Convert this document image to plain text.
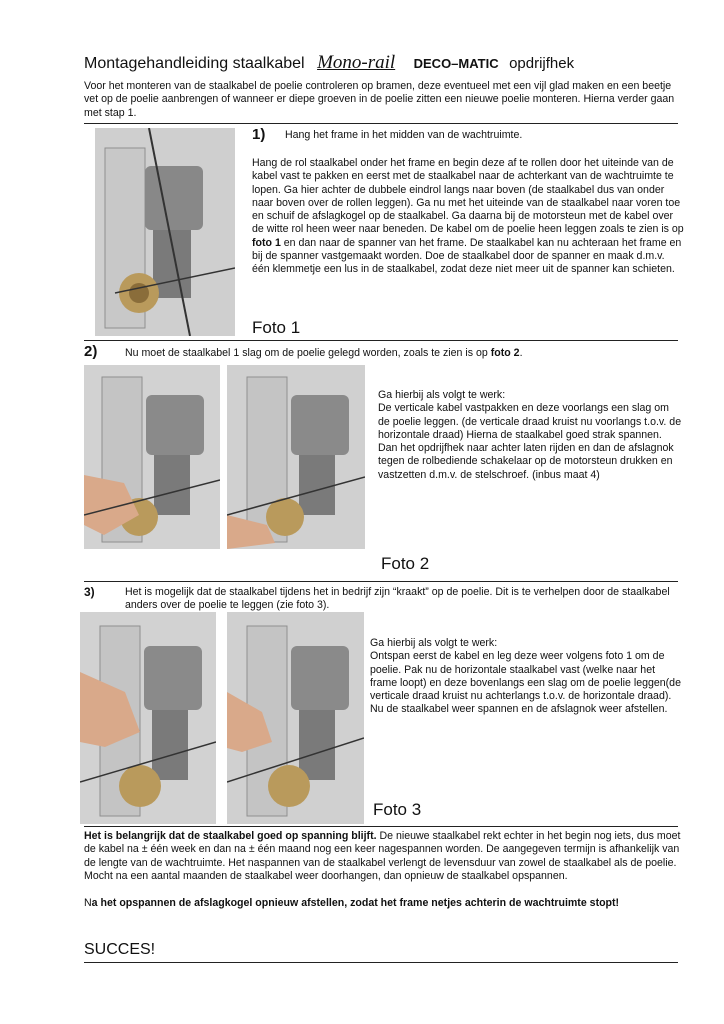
Montagehandleiding staalkabel Mono-rail DECO–MATIC opdrijfhek
Voor het monteren van de staalkabel de poelie controleren op bramen, deze eventueel met een vijl glad maken en een beetje vet op de poelie aanbrengen of wanneer er diepe groeven in de poelie zitten een nieuwe poelie monteren. Hierna verder gaan met stap 1.
1) Hang het frame in het midden van de wachtruimte.
Hang de rol staalkabel onder het frame en begin deze af te rollen door het uiteinde van de kabel vast te pakken en eerst met de staalkabel naar de achterkant van de wachtruimte te lopen. Ga hier achter de dubbele eindrol langs naar boven (de staalkabel dus van onder naar boven over de rollen leggen). Ga nu met het uiteinde van de staalkabel naar voren toe en schuif de afslagkogel op de staalkabel. Ga daarna bij de motorsteun met de kabel over de witte rol heen weer naar beneden. De kabel om de poelie heen leggen zoals te zien is op foto 1 en dan naar de spanner van het frame. De staalkabel kan nu achteraan het frame en bij de spanner vastgemaakt worden. Doe de staalkabel door de spanner en maak d.m.v. één klemmetje een lus in de staalkabel, zodat deze niet meer uit de spanner kan schieten.
Foto 1
2)	Nu moet de staalkabel 1 slag om de poelie gelegd worden, zoals te zien is op foto 2.
Ga hierbij als volgt te werk:
De verticale kabel vastpakken en deze voorlangs een slag om de poelie leggen. (de verticale draad kruist nu voorlangs t.o.v. de horizontale draad) Hierna de staalkabel goed strak spannen. Dan het opdrijfhek naar achter laten rijden en dan de afslagnok tegen de rolbediende schakelaar op de motorsteun drukken en vastzetten d.m.v. de stelschroef. (inbus maat 4)
Foto 2
3)	Het is mogelijk dat de staalkabel tijdens het in bedrijf zijn “kraakt” op de poelie. Dit is te verhelpen door de staalkabel anders over de poelie te leggen (zie foto 3).
Ga hierbij als volgt te werk:
Ontspan eerst de kabel en leg deze weer volgens foto 1 om de poelie. Pak nu de horizontale staalkabel vast (welke naar het frame loopt) en deze bovenlangs een slag om de poelie leggen(de verticale draad kruist nu achterlangs t.o.v. de horizontale draad). Nu de staalkabel weer spannen en de afslagnok weer afstellen.
Foto 3
Het is belangrijk dat de staalkabel goed op spanning blijft. De nieuwe staalkabel rekt echter in het begin nog iets, dus moet de kabel na ± één week en dan na ± één maand nog een keer nagespannen worden. De aangegeven termijn is afhankelijk van de lengte van de wachtruimte. Het naspannen van de staalkabel verlengt de levensduur van zowel de staalkabel als de poelie. Mocht na een aantal maanden de staalkabel weer doorhangen, dan opnieuw de staalkabel opspannen.
Na het opspannen de afslagkogel opnieuw afstellen, zodat het frame netjes achterin de wachtruimte stopt!
SUCCES!
